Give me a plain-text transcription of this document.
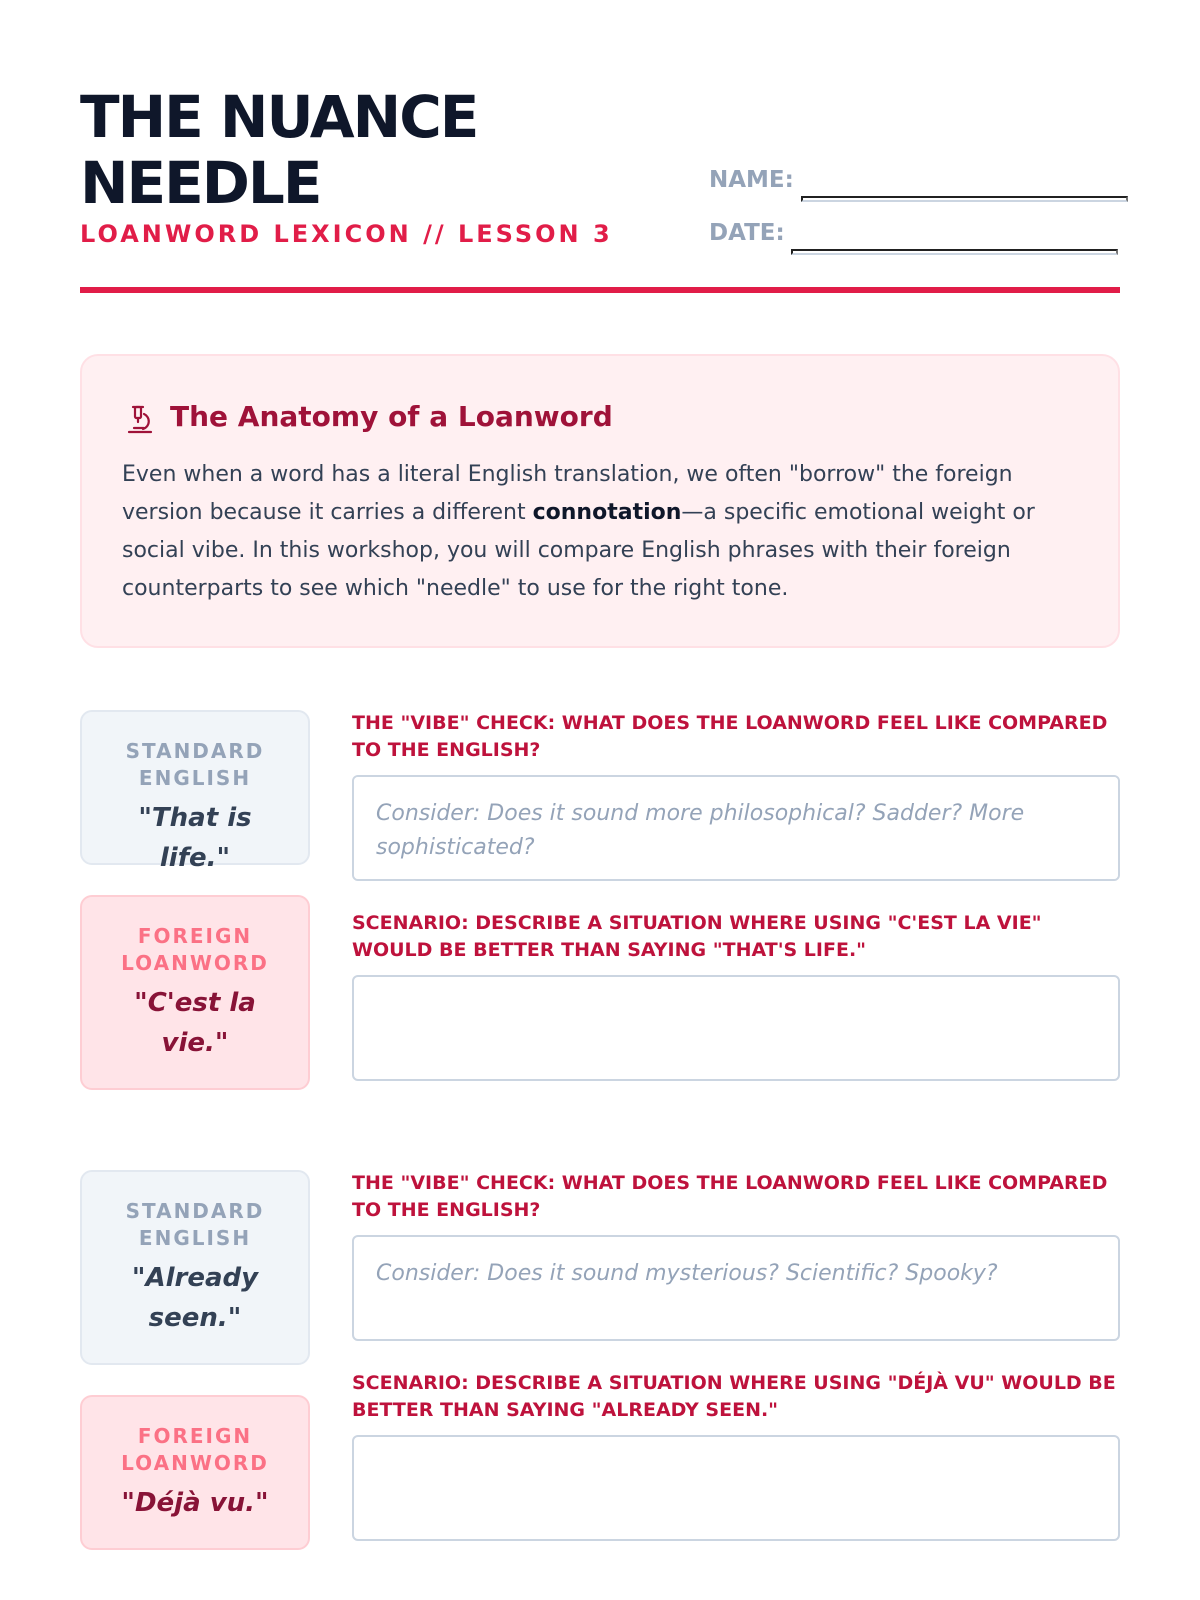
THE NUANCE NEEDLE
LOANWORD LEXICON // LESSON 3
NAME:
DATE:
The Anatomy of a Loanword

Even when a word has a literal English translation, we often "borrow" the foreign version because it carries a different connotation—a specific emotional weight or social vibe. In this workshop, you will compare English phrases with their foreign counterparts to see which "needle" to use for the right tone.

STANDARD ENGLISH
"That is life."
FOREIGN LOANWORD
"C'est la vie."
THE "VIBE" CHECK: WHAT DOES THE LOANWORD FEEL LIKE COMPARED TO THE ENGLISH?
Consider: Does it sound more philosophical? Sadder? More sophisticated?
SCENARIO: DESCRIBE A SITUATION WHERE USING "C'EST LA VIE" WOULD BE BETTER THAN SAYING "THAT'S LIFE."
STANDARD ENGLISH
"Already seen."
FOREIGN LOANWORD
"Déjà vu."
THE "VIBE" CHECK: WHAT DOES THE LOANWORD FEEL LIKE COMPARED TO THE ENGLISH?
Consider: Does it sound mysterious? Scientific? Spooky?
SCENARIO: DESCRIBE A SITUATION WHERE USING "DÉJÀ VU" WOULD BE BETTER THAN SAYING "ALREADY SEEN."
